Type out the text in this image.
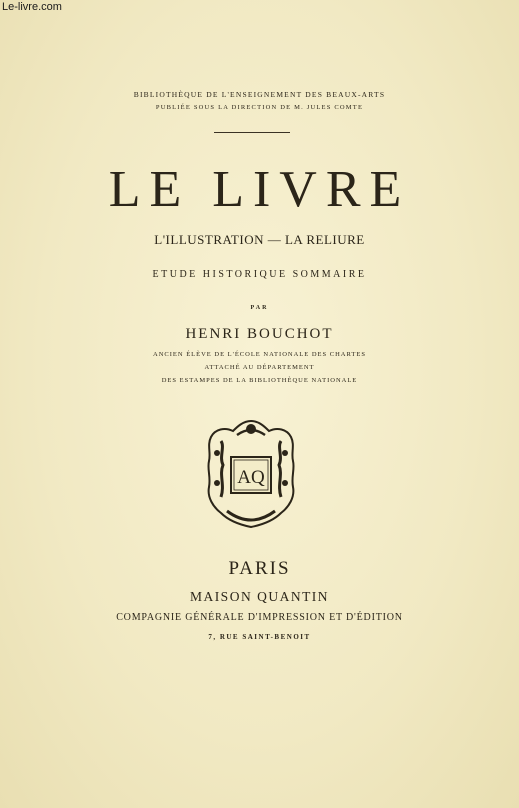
Le-livre.com
BIBLIOTHÈQUE DE L'ENSEIGNEMENT DES BEAUX-ARTS
PUBLIÉE SOUS LA DIRECTION DE M. JULES COMTE
LE LIVRE
L'ILLUSTRATION — LA RELIURE
ETUDE HISTORIQUE SOMMAIRE
PAR
HENRI BOUCHOT
ANCIEN ÉLÈVE DE L'ÉCOLE NATIONALE DES CHARTES
ATTACHÉ AU DÉPARTEMENT
DES ESTAMPES DE LA BIBLIOTHÈQUE NATIONALE
AQ
PARIS
MAISON QUANTIN
COMPAGNIE GÉNÉRALE D'IMPRESSION ET D'ÉDITION
7, RUE SAINT-BENOIT
